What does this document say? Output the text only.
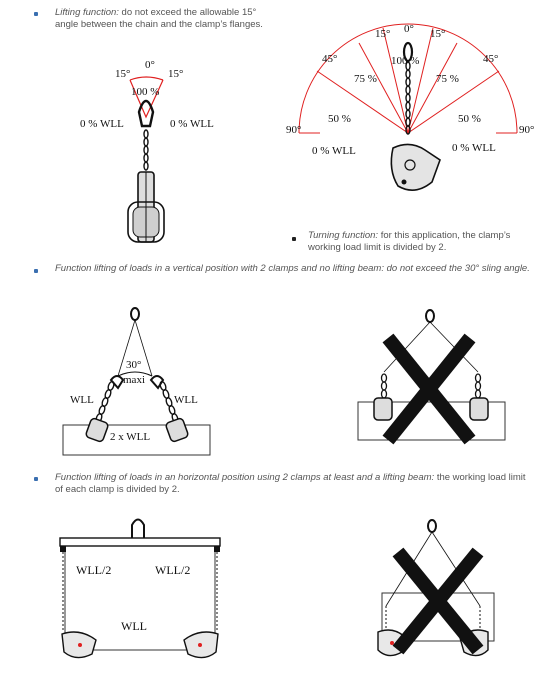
Lifting function: do not exceed the allowable 15° angle between the chain and the clamp’s flanges.
Turning function: for this application, the clamp’s working load limit is divided by 2.
Function lifting of loads in a vertical position with 2 clamps and no lifting beam: do not exceed the 30° sling angle.
Function lifting of loads in an horizontal position using 2 clamps at least and a lifting beam: the working load limit of each clamp is divided by 2.
15°
0°
15°
100 %
0 % WLL	0 % WLL
15° 0° 15°
45°	45°
90°	90°
100 %
75 %	75 %
50 %	50 %
0 % WLL	0 % WLL
30°
maxi
WLL	WLL
2 x WLL
WLL/2	WLL/2
WLL
